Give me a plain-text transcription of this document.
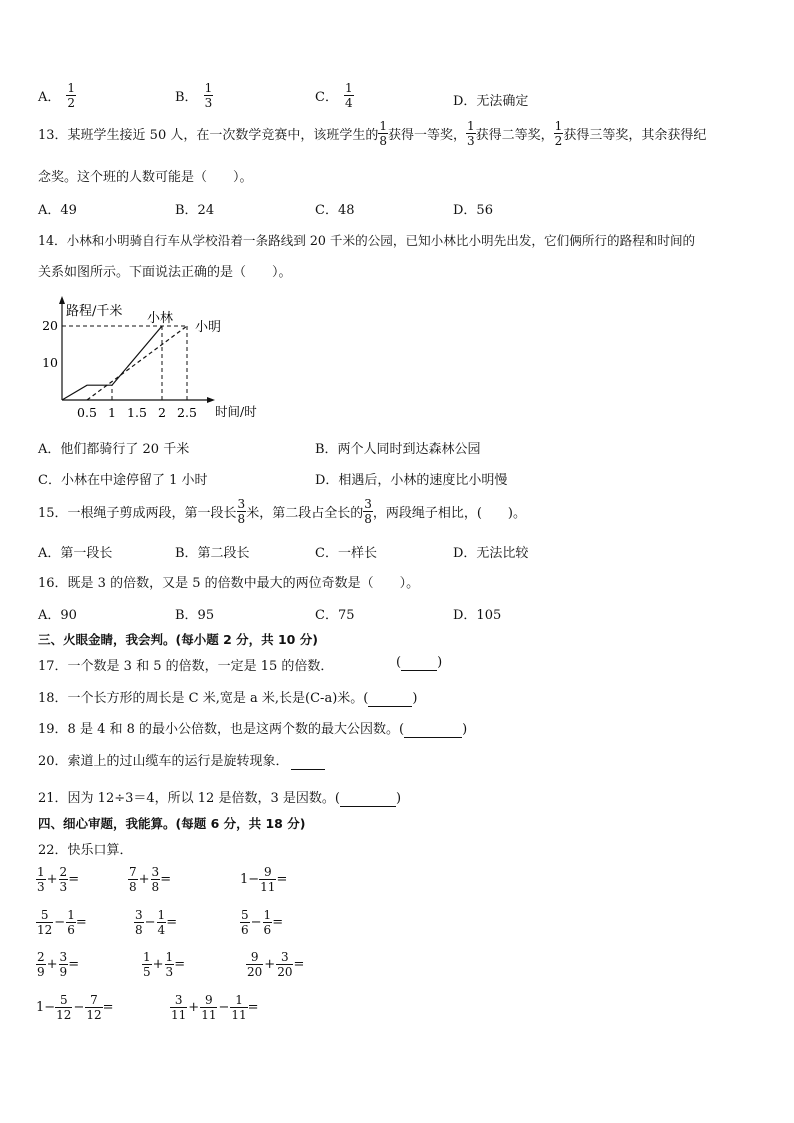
A． $\frac{1}{2}$	B． $\frac{1}{3}$	C． $\frac{1}{4}$	D．无法确定
13．某班学生接近 50 人，在一次数学竞赛中，该班学生的 $\frac{1}{8}$ 获得一等奖， $\frac{1}{3}$ 获得二等奖， $\frac{1}{2}$ 获得三等奖，其余获得纪
念奖。这个班的人数可能是（　　）。
A．49	B．24	C．48	D．56
14．小林和小明骑自行车从学校沿着一条路线到 20 千米的公园，已知小林比小明先出发，它们俩所行的路程和时间的
关系如图所示。下面说法正确的是（　　）。
路程/千米
时间/时
10
20
0.5 1 1.5 2 2.5
小林
小明
A．他们都骑行了 20 千米	B．两个人同时到达森林公园
C．小林在中途停留了 1 小时	D．相遇后，小林的速度比小明慢
15．一根绳子剪成两段，第一段长 $\frac{3}{8}$ 米，第二段占全长的 $\frac{3}{8}$ ，两段绳子相比，(　　)。
A．第一段长	B．第二段长	C．一样长	D．无法比较
16．既是 3 的倍数，又是 5 的倍数中最大的两位奇数是（　　）。
A．90	B．95	C．75	D．105
三、火眼金睛，我会判。(每小题 2 分，共 10 分)
17．一个数是 3 和 5 的倍数，一定是 15 的倍数．	(	)
18．一个长方形的周长是 C 米,宽是 a 米,长是(C-a)米。(	)
19．8 是 4 和 8 的最小公倍数，也是这两个数的最大公因数。(	)
20．索道上的过山缆车的运行是旋转现象．
21．因为 12÷3＝4，所以 12 是倍数，3 是因数。(	)
四、细心审题，我能算。(每题 6 分，共 18 分)
22．快乐口算．
$\frac{1}{3} + \frac{2}{3}$ =	$\frac{7}{8} + \frac{3}{8}$ =	$1- \frac{9}{11}$ =
$\frac{5}{12} - \frac{1}{6}$ =	$\frac{3}{8} - \frac{1}{4}$ =	$\frac{5}{6} - \frac{1}{6}$ =
$\frac{2}{9} + \frac{3}{9}$ =	$\frac{1}{5} + \frac{1}{3}$ =	$\frac{9}{20} + \frac{3}{20}$ =
$1- \frac{5}{12} - \frac{7}{12}$ =	$\frac{3}{11} + \frac{9}{11} - \frac{1}{11}$ =
